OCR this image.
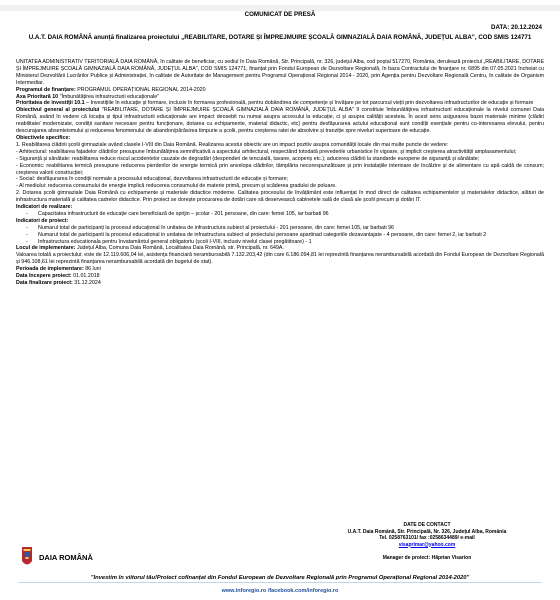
COMUNICAT DE PRESĂ
DATA: 20.12.2024
U.A.T. DAIA ROMÂNĂ anunță finalizarea proiectului „REABILITARE, DOTARE ȘI ÎMPREJMUIRE ȘCOALĂ GIMNAZIALĂ DAIA ROMÂNĂ, JUDEȚUL ALBA”, COD SMIS 124771

UNITATEA ADMINISTRATIV TERITORIALĂ DAIA ROMÂNĂ, în calitate de beneficiar, cu sediul în Daia Română, Str. Principală, nr. 326, județul Alba, cod poștal 517270, România, derulează proiectul „REABILITARE, DOTARE ȘI ÎMPREJMUIRE ȘCOALĂ GIMNAZIALĂ DAIA ROMÂNĂ, JUDEȚUL ALBA”, COD SMIS 124771, finanțat prin Fondul European de Dezvoltare Regională, în baza Contractului de finanțare nr. 6895 din 07.05.2021 încheiat cu Ministerul Dezvoltării Lucrărilor Publice și Administrației, în calitate de Autoritate de Management pentru Programul Operațional Regional 2014 - 2020, prin Agenția pentru Dezvoltare Regională Centru, în calitate de Organism Intermediar.

Programul de finanțare: PROGRAMUL OPERAȚIONAL REGIONAL 2014-2020

Axa Prioritară 10 "Îmbunătățirea infrastructurii educaționale"

Prioritatea de investiții 10.1 – Investițiile în educație și formare, inclusiv în formarea profesională, pentru dobândirea de competențe și învățare pe tot parcursul vieții prin dezvoltarea infrastructurilor de educație și formare

Obiectivul general al proiectului "REABILITARE, DOTARE ȘI ÎMPREJMUIRE ȘCOALĂ GIMNAZIALĂ DAIA ROMÂNĂ, JUDEȚUL ALBA" îl constituie îmbunătățirea infrastructurii educaționale la nivelul comunei Daia Română, având în vedere că locația și tipul infrastructurii educaționale are impact deosebit nu numai asupra accesului la educație, ci și asupra calității acesteia. În acest sens asigurarea bazei materiale minime (clădiri reabilitate/ modernizate, condiții sanitare necesare pentru funcționare, dotarea cu echipamente, material didactic, etc) pentru desfășurarea actului educațional sunt condiții esențiale pentru co-interesarea elevului, pentru descurajarea absenteismului și reducerea fenomenului de abandon/părăsirea timpurie a școlii, pentru creșterea ratei de absolvire și tranziție spre niveluri superioare de educație.

Obiectivele specifice:

1. Reabilitarea clădirii școlii gimnaziale având clasele I-VIII din Daia Română. Realizarea acestui obiectiv are un impact pozitiv asupra comunității locale din mai multe puncte de vedere:

- Arhitectural: reabilitarea fațadelor clădirilor presupune îmbunătățirea semnificativă a aspectului arhitectural, respectând totodată prevederile urbanistice în vigoare, și implicit creșterea atractivității amplasamentului;

- Siguranță și sănătate: reabilitarea reduce riscul accidentelor cauzate de degradări (desprinderi de tencuială, tavane, acoperiș etc.); aducerea clădirii la standarde europene de siguranță și sănătate;

- Economic: reabilitarea termică presupune reducerea pierderilor de energie termică prin anvelopa clădirilor, tâmplăria necorespunzătoare și prin instalațiile interioare de încălzire și de alimentare cu apă caldă de consum; creșterea valorii construcției;

- Social: desfășurarea în condiții normale a procesului educațional, dezvoltarea infrastructurii de educație și formare;

- Al mediului: reducerea consumului de energie implică reducerea consumului de materie primă, precum și scăderea gradului de poluare.

2. Dotarea școlii gimnaziale Daia Română cu echipamente și materiale didactice moderne. Calitatea procesului de învățământ este influențat în mod direct de calitatea echipamentelor și materialelor didactice, alături de infrastructura materială și calitatea cadrelor didactice. Prin proiect se dorește procurarea de dotări care să deservească cabinetele sală de clasă ale școlii precum și dotări IT.

Indicatori de realizare:

- Capacitatea infrastructurii de educație care beneficiază de sprijin – școlar - 201 persoane, din care: femei 105, iar barbati 96

Indicatori de proiect:

- Numarul total de participanți la procesul educațional în unitatea de infrastructura subiect al proiectului - 201 persoane, din care: femei 105, iar barbati 96

- Numarul total de participanti la procesul educational in unitatea de infrastructura subiect al proiectului persoane apartinad categoriile dezavantajate - 4 persoane, din care: femei 2, iar barbati 2

- Infrastructura educationala pentru învatamântul general obligatoriu (școli I-VIII, inclusiv nivelul clasei pregătitoare) - 1

Locul de implementare: Județul Alba, Comuna Daia Română, Localitatea Daia Română, str. Principală, nr. 649A.

Valoarea totală a proiectului: este de 12.119.606,04 lei, asistența financiară nerambursabilă 7.132.203,42 (din care 6.186.094,81 lei reprezintă finanțarea nerambursabilă acordată din Fondul European de Dezvoltare Regională și 946.108,61 lei reprezintă finanțarea nerambursabilă acordată din bugetul de stat).

Perioada de implementare: 86 luni

Data începere proiect: 01.01.2018

Data finalizare proiect: 31.12.2024

DATE DE CONTACT
U.A.T. Daia Română, Str. Principală, Nr. 326, Județul Alba, România
Tel. 0258763101/ fax :0258634489/ e-mail
visaprimar@yahoo.com

Manager de proiect: Hăprian Visarion
DAIA ROMÂNĂ
"Investim în viitorul tău!Proiect cofinanțat din Fondul European de Dezvoltare Regională prin Programul Operațional Regional 2014-2020"
www.inforegio.ro /facebook.com/inforegio.ro
